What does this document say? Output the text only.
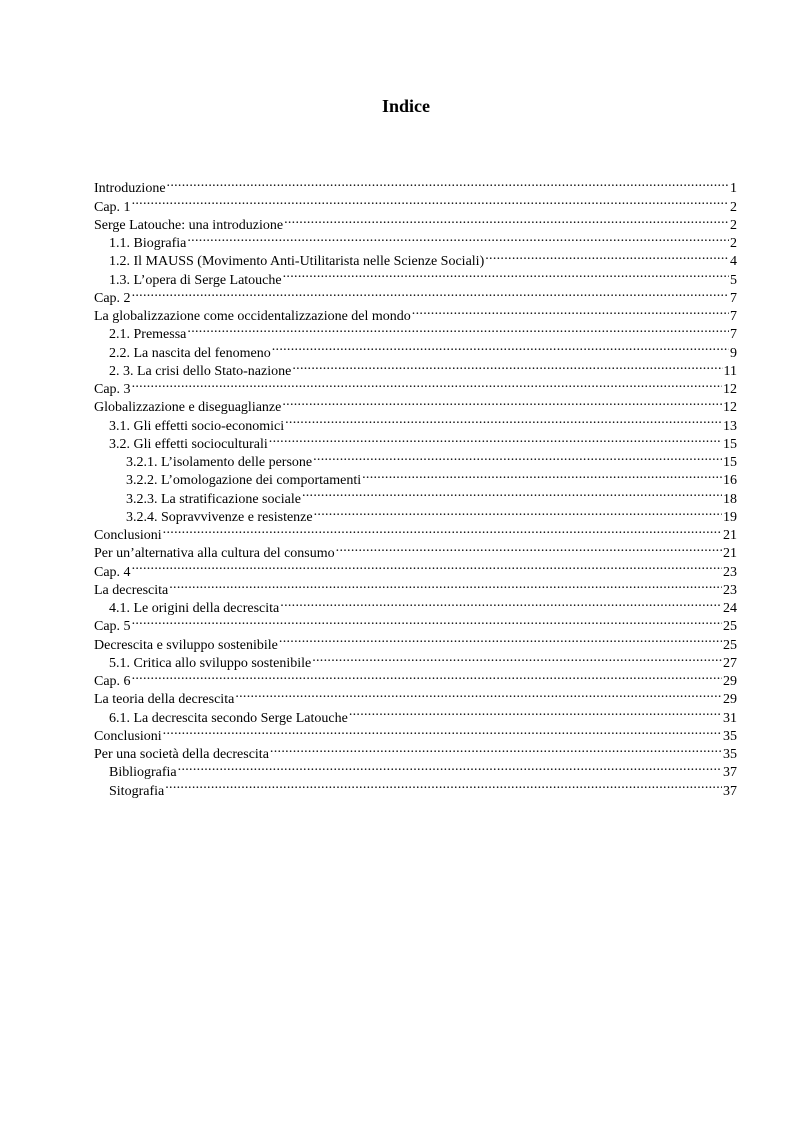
Indice
Introduzione .....	1
Cap. 1 .....	2
Serge Latouche: una introduzione .....	2
1.1. Biografia .....	2
1.2. Il MAUSS (Movimento Anti-Utilitarista nelle Scienze Sociali) .....	4
1.3. L’opera di Serge Latouche .....	5
Cap. 2 .....	7
La globalizzazione come occidentalizzazione del mondo .....	7
2.1. Premessa .....	7
2.2. La nascita del fenomeno .....	9
2. 3. La crisi dello Stato-nazione .....	11
Cap. 3 .....	12
Globalizzazione e diseguaglianze .....	12
3.1. Gli effetti socio-economici .....	13
3.2. Gli effetti socioculturali .....	15
3.2.1. L’isolamento delle persone .....	15
3.2.2. L’omologazione dei comportamenti .....	16
3.2.3. La stratificazione sociale .....	18
3.2.4. Sopravvivenze e resistenze .....	19
Conclusioni .....	21
Per un’alternativa alla cultura del consumo .....	21
Cap. 4 .....	23
La decrescita .....	23
4.1. Le origini della decrescita .....	24
Cap. 5 .....	25
Decrescita e sviluppo sostenibile .....	25
5.1. Critica allo sviluppo sostenibile .....	27
Cap. 6 .....	29
La teoria della decrescita .....	29
6.1. La decrescita secondo Serge Latouche .....	31
Conclusioni .....	35
Per una società della decrescita .....	35
Bibliografia .....	37
Sitografia .....	37
